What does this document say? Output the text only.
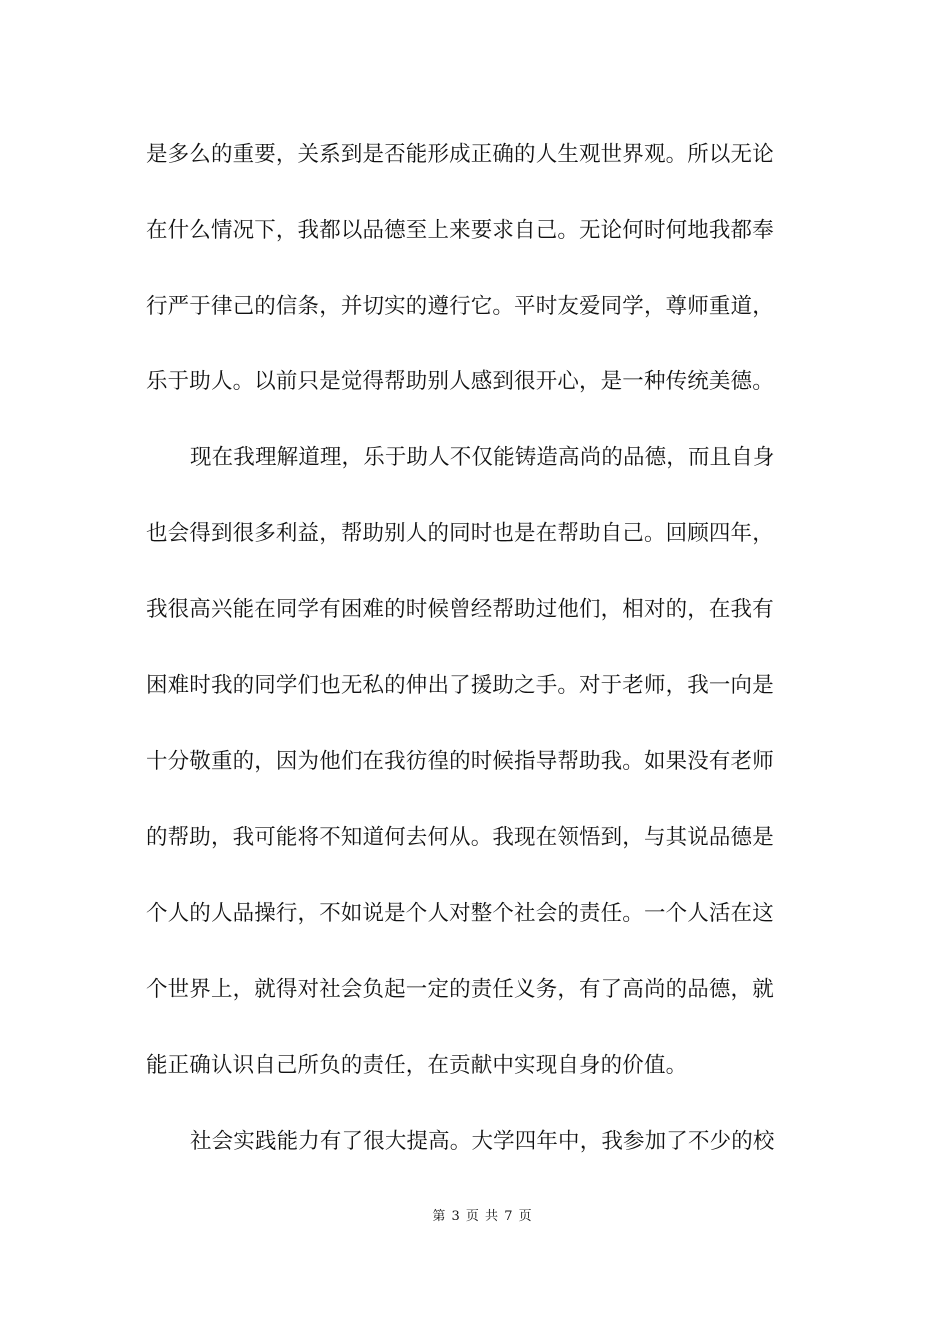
是多么的重要，关系到是否能形成正确的人生观世界观。所以无论
在什么情况下，我都以品德至上来要求自己。无论何时何地我都奉
行严于律己的信条，并切实的遵行它。平时友爱同学，尊师重道，
乐于助人。以前只是觉得帮助别人感到很开心，是一种传统美德。
现在我理解道理，乐于助人不仅能铸造高尚的品德，而且自身
也会得到很多利益，帮助别人的同时也是在帮助自己。回顾四年，
我很高兴能在同学有困难的时候曾经帮助过他们，相对的，在我有
困难时我的同学们也无私的伸出了援助之手。对于老师，我一向是
十分敬重的，因为他们在我彷徨的时候指导帮助我。如果没有老师
的帮助，我可能将不知道何去何从。我现在领悟到，与其说品德是
个人的人品操行，不如说是个人对整个社会的责任。一个人活在这
个世界上，就得对社会负起一定的责任义务，有了高尚的品德，就
能正确认识自己所负的责任，在贡献中实现自身的价值。
社会实践能力有了很大提高。大学四年中，我参加了不少的校
第 3 页 共 7 页
